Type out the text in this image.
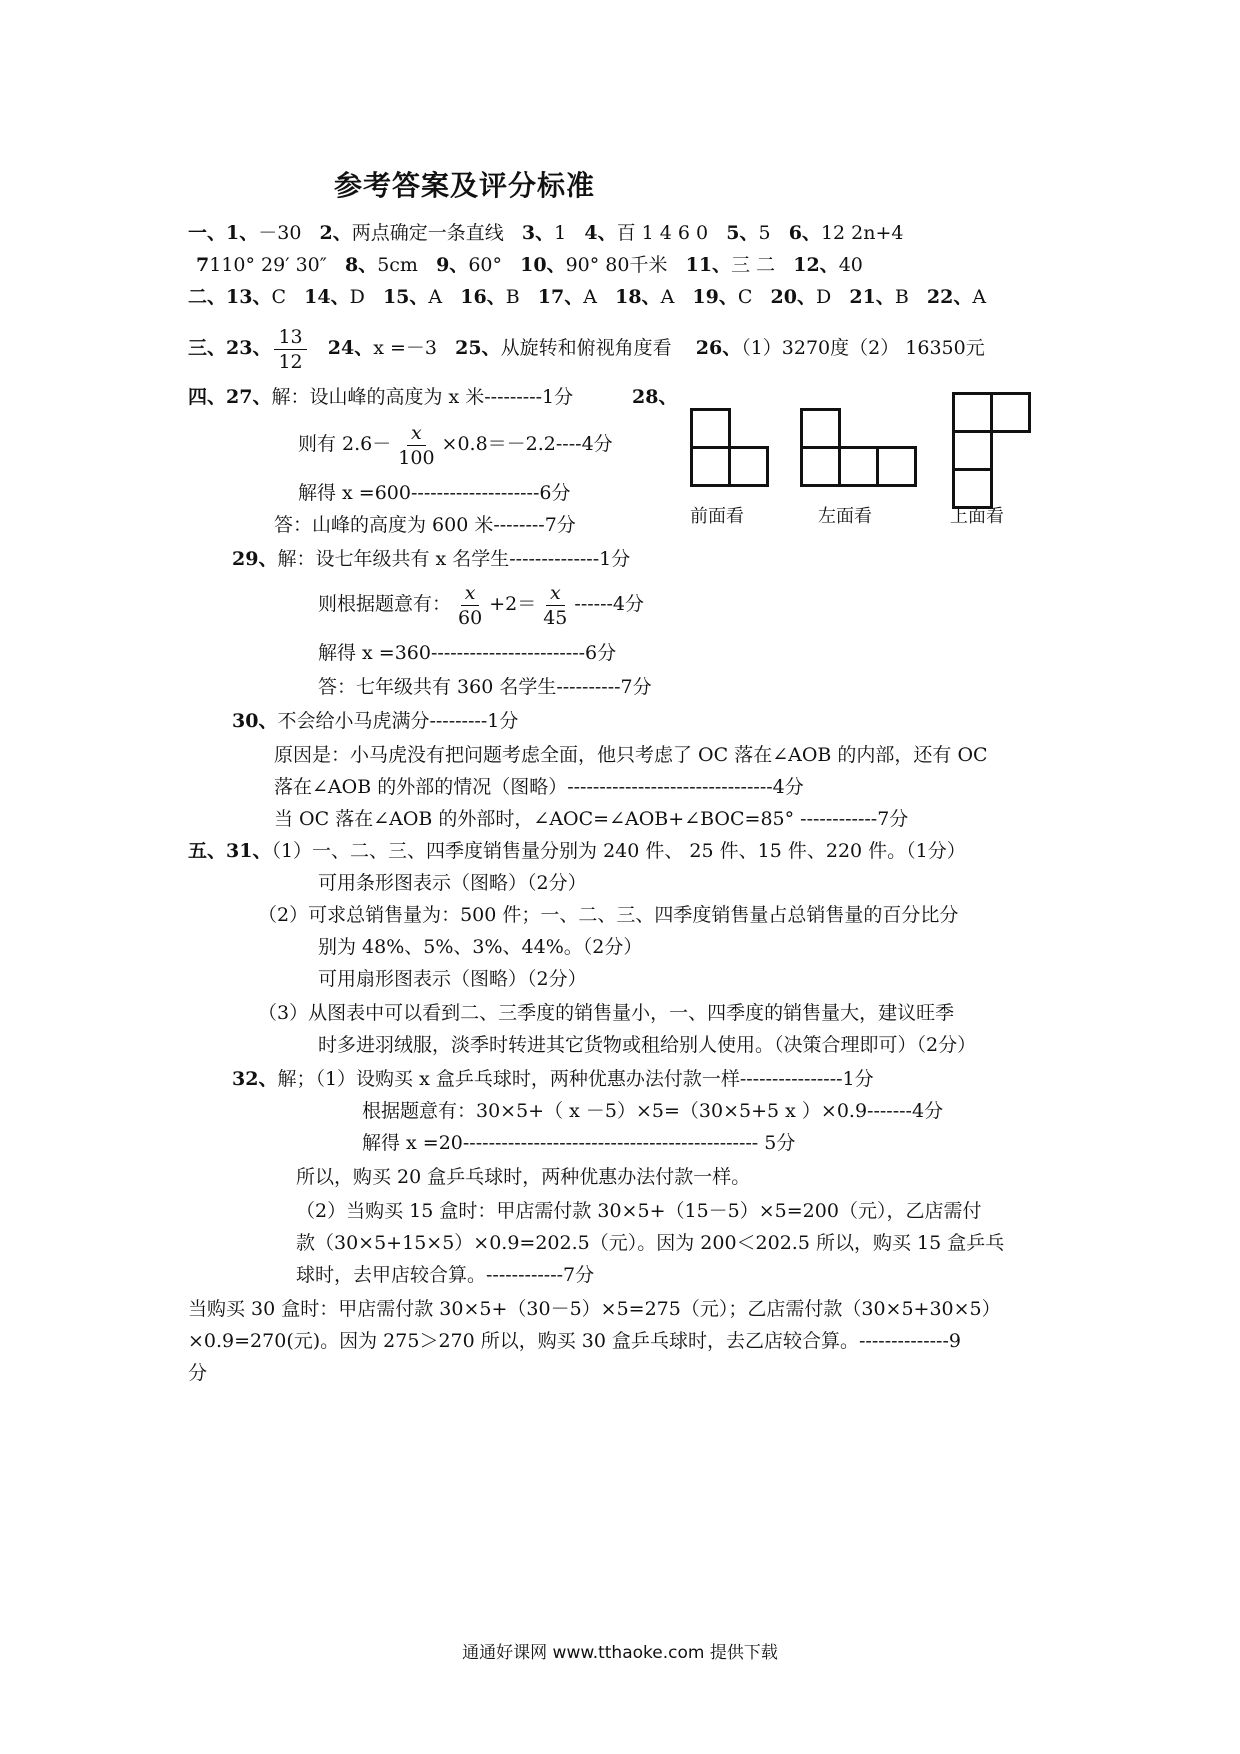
参考答案及评分标准
一、1、－30 2、两点确定一条直线 3、1 4、百 1 4 6 0 5、5 6、12 2n+4
7110° 29′ 30″ 8、5cm 9、60° 10、90° 80千米 11、三 二 12、40
二、13、C 14、D 15、A 16、B 17、A 18、A 19、C 20、D 21、B 22、A
三、23、 $\frac{13}{12} 24$、x =－3 25、从旋转和俯视角度看 26、（1）3270度（2） 16350元
四、27、解：设山峰的高度为 x 米---------1分
则有 $2.6- \frac{x}{100} \times 0.8=-2.2----4$分
解得 x =600--------------------6分
答：山峰的高度为 600 米--------7分
28、
前面看	左面看	上面看
29、解：设七年级共有 x 名学生--------------1分
则根据题意有： $\frac{x}{60} +2= \frac{x}{45} ------4$分
解得 x =360------------------------6分
答：七年级共有 360 名学生----------7分
30、不会给小马虎满分---------1分
原因是：小马虎没有把问题考虑全面，他只考虑了 OC 落在∠AOB 的内部，还有 OC
落在∠AOB 的外部的情况（图略）--------------------------------4分
当 OC 落在∠AOB 的外部时，∠AOC=∠AOB+∠BOC=85° ------------7分
五、31、（1）一、二、三、四季度销售量分别为 240 件、 25 件、15 件、220 件。（1分）
可用条形图表示（图略）（2分）
（2）可求总销售量为：500 件；一、二、三、四季度销售量占总销售量的百分比分
别为 48%、5%、3%、44%。（2分）
可用扇形图表示（图略）（2分）
（3）从图表中可以看到二、三季度的销售量小，一、四季度的销售量大，建议旺季
时多进羽绒服，淡季时转进其它货物或租给别人使用。（决策合理即可）（2分）
32、解；（1）设购买 x 盒乒乓球时，两种优惠办法付款一样----------------1分
根据题意有：30×5+（ x －5）×5=（30×5+5 x ）×0.9-------4分
解得 x =20---------------------------------------------- 5分
所以，购买 20 盒乒乓球时，两种优惠办法付款一样。
（2）当购买 15 盒时：甲店需付款 30×5+（15－5）×5=200（元），乙店需付
款（30×5+15×5）×0.9=202.5（元）。因为 200＜202.5 所以，购买 15 盒乒乓
球时，去甲店较合算。------------7分
当购买 30 盒时：甲店需付款 30×5+（30－5）×5=275（元）；乙店需付款（30×5+30×5）
×0.9=270(元)。因为 275＞270 所以，购买 30 盒乒乓球时，去乙店较合算。--------------9
分
通通好课网 www.tthaoke.com 提供下载
